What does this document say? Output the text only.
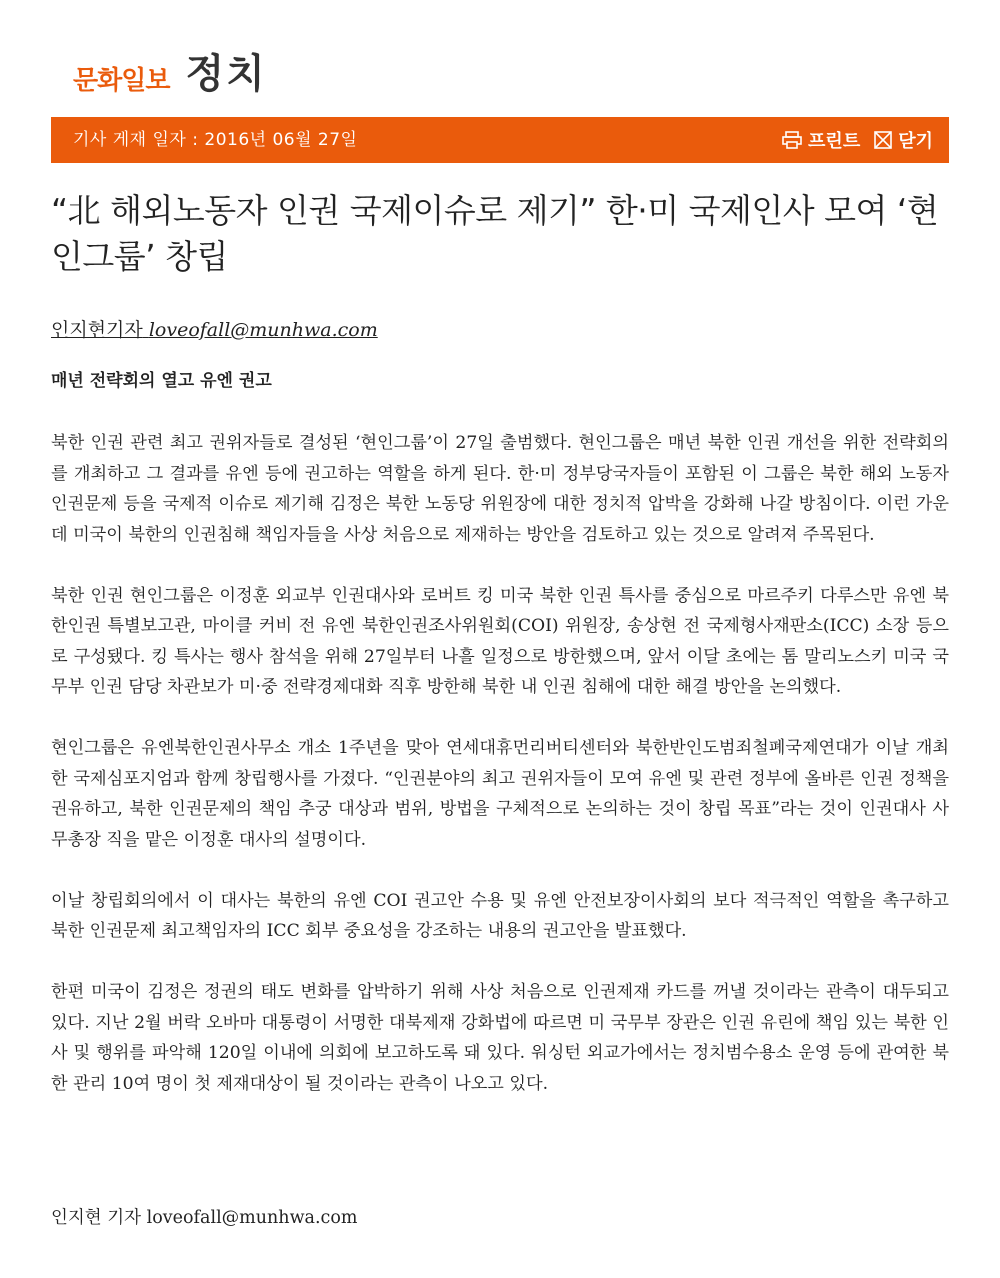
문화일보 정치
기사 게재 일자 : 2016년 06월 27일	프린트 닫기
“北 해외노동자 인권 국제이슈로 제기” 한·미 국제인사 모여 ‘현인그룹’ 창립
인지현기자 loveofall@munhwa.com
매년 전략회의 열고 유엔 권고

북한 인권 관련 최고 권위자들로 결성된 ‘현인그룹’이 27일 출범했다. 현인그룹은 매년 북한 인권 개선을 위한 전략회의를 개최하고 그 결과를 유엔 등에 권고하는 역할을 하게 된다. 한·미 정부당국자들이 포함된 이 그룹은 북한 해외 노동자 인권문제 등을 국제적 이슈로 제기해 김정은 북한 노동당 위원장에 대한 정치적 압박을 강화해 나갈 방침이다. 이런 가운데 미국이 북한의 인권침해 책임자들을 사상 처음으로 제재하는 방안을 검토하고 있는 것으로 알려져 주목된다.

북한 인권 현인그룹은 이정훈 외교부 인권대사와 로버트 킹 미국 북한 인권 특사를 중심으로 마르주키 다루스만 유엔 북한인권 특별보고관, 마이클 커비 전 유엔 북한인권조사위원회(COI) 위원장, 송상현 전 국제형사재판소(ICC) 소장 등으로 구성됐다. 킹 특사는 행사 참석을 위해 27일부터 나흘 일정으로 방한했으며, 앞서 이달 초에는 톰 말리노스키 미국 국무부 인권 담당 차관보가 미·중 전략경제대화 직후 방한해 북한 내 인권 침해에 대한 해결 방안을 논의했다.

현인그룹은 유엔북한인권사무소 개소 1주년을 맞아 연세대휴먼리버티센터와 북한반인도범죄철폐국제연대가 이날 개최한 국제심포지엄과 함께 창립행사를 가졌다. “인권분야의 최고 권위자들이 모여 유엔 및 관련 정부에 올바른 인권 정책을 권유하고, 북한 인권문제의 책임 추궁 대상과 범위, 방법을 구체적으로 논의하는 것이 창립 목표”라는 것이 인권대사 사무총장 직을 맡은 이정훈 대사의 설명이다.

이날 창립회의에서 이 대사는 북한의 유엔 COI 권고안 수용 및 유엔 안전보장이사회의 보다 적극적인 역할을 촉구하고 북한 인권문제 최고책임자의 ICC 회부 중요성을 강조하는 내용의 권고안을 발표했다.

한편 미국이 김정은 정권의 태도 변화를 압박하기 위해 사상 처음으로 인권제재 카드를 꺼낼 것이라는 관측이 대두되고 있다. 지난 2월 버락 오바마 대통령이 서명한 대북제재 강화법에 따르면 미 국무부 장관은 인권 유린에 책임 있는 북한 인사 및 행위를 파악해 120일 이내에 의회에 보고하도록 돼 있다. 워싱턴 외교가에서는 정치범수용소 운영 등에 관여한 북한 관리 10여 명이 첫 제재대상이 될 것이라는 관측이 나오고 있다.

인지현 기자 loveofall@munhwa.com
